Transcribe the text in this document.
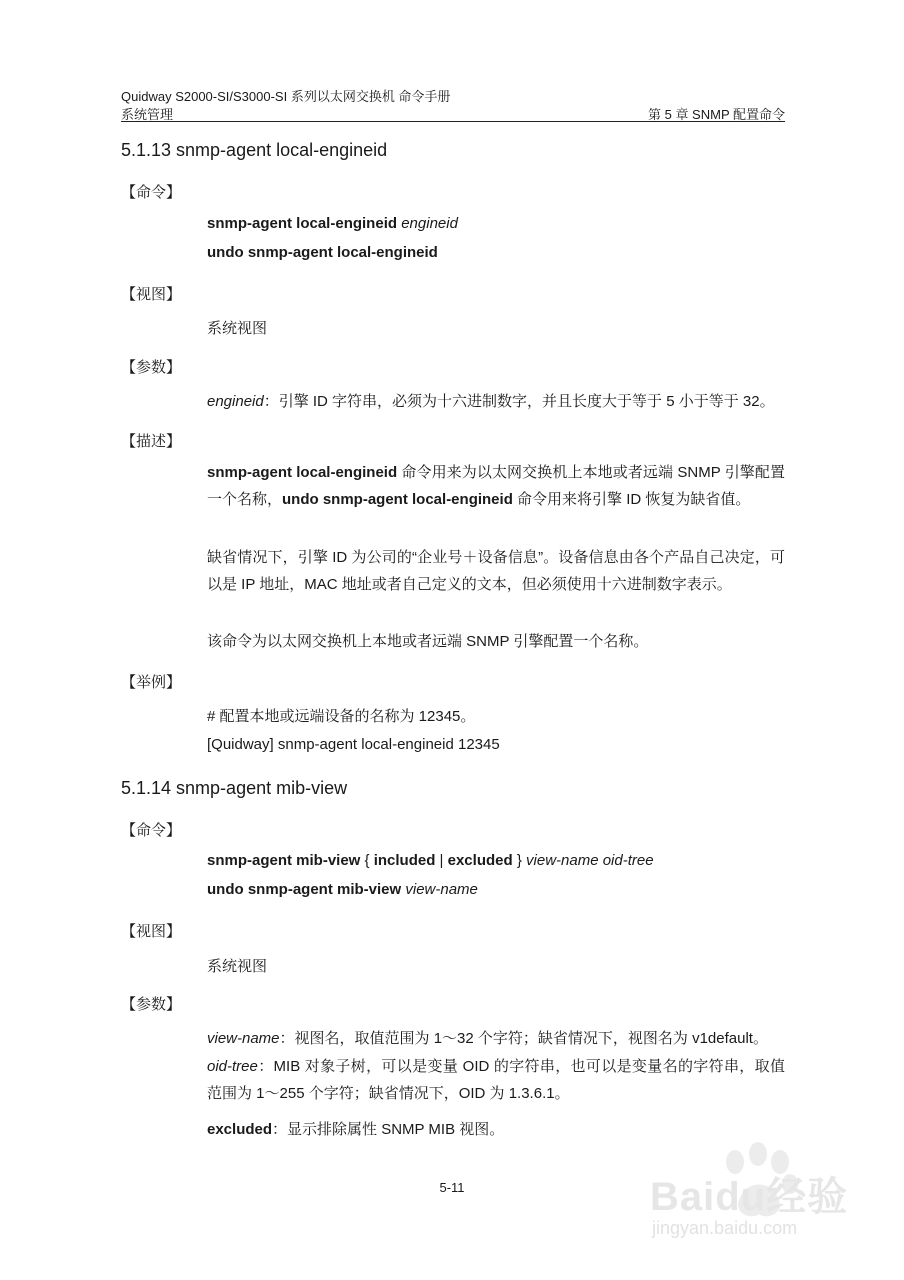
Quidway S2000-SI/S3000-SI 系列以太网交换机 命令手册
系统管理	第 5 章 SNMP 配置命令
5.1.13 snmp-agent local-engineid
【命令】
snmp-agent local-engineid engineid
undo snmp-agent local-engineid
【视图】
系统视图
【参数】
engineid：引擎 ID 字符串，必须为十六进制数字，并且长度大于等于 5 小于等于 32。
【描述】
snmp-agent local-engineid 命令用来为以太网交换机上本地或者远端 SNMP 引擎配置一个名称，undo snmp-agent local-engineid 命令用来将引擎 ID 恢复为缺省值。
缺省情况下，引擎 ID 为公司的“企业号＋设备信息”。设备信息由各个产品自己决定，可以是 IP 地址，MAC 地址或者自己定义的文本，但必须使用十六进制数字表示。
该命令为以太网交换机上本地或者远端 SNMP 引擎配置一个名称。
【举例】
# 配置本地或远端设备的名称为 12345。
[Quidway] snmp-agent local-engineid 12345
5.1.14 snmp-agent mib-view
【命令】
snmp-agent mib-view { included | excluded } view-name oid-tree
undo snmp-agent mib-view view-name
【视图】
系统视图
【参数】
view-name：视图名，取值范围为 1～32 个字符；缺省情况下，视图名为 v1default。
oid-tree：MIB 对象子树，可以是变量 OID 的字符串，也可以是变量名的字符串，取值范围为 1～255 个字符；缺省情况下，OID 为 1.3.6.1。
excluded：显示排除属性 SNMP MIB 视图。
5-11	Baidu经验
jingyan.baidu.com
